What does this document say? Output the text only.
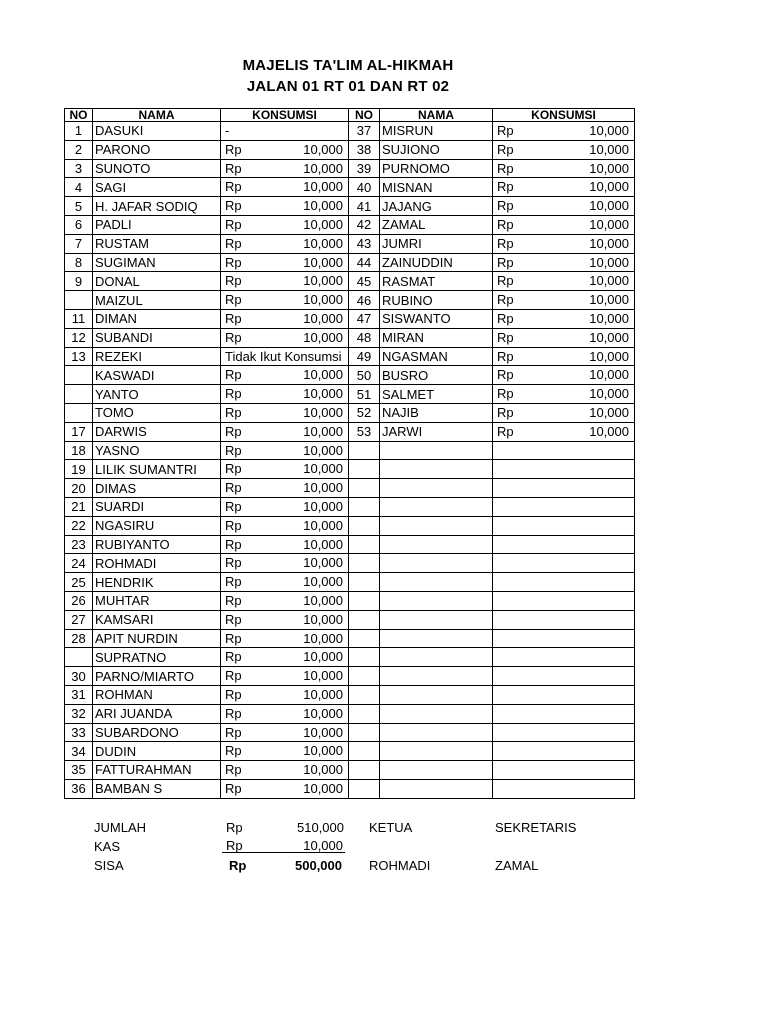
MAJELIS TA'LIM AL-HIKMAH
JALAN 01 RT 01 DAN RT 02
NO	NAMA	KONSUMSI	NO	NAMA	KONSUMSI
1	DASUKI	-	37	MISRUN	Rp 10,000

2	PARONO	Rp 10,000	38	SUJIONO	Rp 10,000

3	SUNOTO	Rp 10,000	39	PURNOMO	Rp 10,000

4	SAGI	Rp 10,000	40	MISNAN	Rp 10,000

5	H. JAFAR SODIQ	Rp 10,000	41	JAJANG	Rp 10,000

6	PADLI	Rp 10,000	42	ZAMAL	Rp 10,000

7	RUSTAM	Rp 10,000	43	JUMRI	Rp 10,000

8	SUGIMAN	Rp 10,000	44	ZAINUDDIN	Rp 10,000

9	DONAL	Rp 10,000	45	RASMAT	Rp 10,000

	MAIZUL	Rp 10,000	46	RUBINO	Rp 10,000

11	DIMAN	Rp 10,000	47	SISWANTO	Rp 10,000

12	SUBANDI	Rp 10,000	48	MIRAN	Rp 10,000

13	REZEKI	Tidak Ikut Konsumsi	49	NGASMAN	Rp 10,000

	KASWADI	Rp 10,000	50	BUSRO	Rp 10,000

	YANTO	Rp 10,000	51	SALMET	Rp 10,000

	TOMO	Rp 10,000	52	NAJIB	Rp 10,000

17	DARWIS	Rp 10,000	53	JARWI	Rp 10,000

18	YASNO	Rp 10,000			

19	LILIK SUMANTRI	Rp 10,000			

20	DIMAS	Rp 10,000			

21	SUARDI	Rp 10,000			

22	NGASIRU	Rp 10,000			

23	RUBIYANTO	Rp 10,000			

24	ROHMADI	Rp 10,000			

25	HENDRIK	Rp 10,000			

26	MUHTAR	Rp 10,000			

27	KAMSARI	Rp 10,000			

28	APIT NURDIN	Rp 10,000			

	SUPRATNO	Rp 10,000			

30	PARNO/MIARTO	Rp 10,000			

31	ROHMAN	Rp 10,000			

32	ARI JUANDA	Rp 10,000			

33	SUBARDONO	Rp 10,000			

34	DUDIN	Rp 10,000			

35	FATTURAHMAN	Rp 10,000			

36	BAMBAN S	Rp 10,000			

JUMLAH	Rp	510,000 KETUA	SEKRETARIS
KAS	Rp	10,000
SISA	Rp	500,000 ROHMADI	ZAMAL
